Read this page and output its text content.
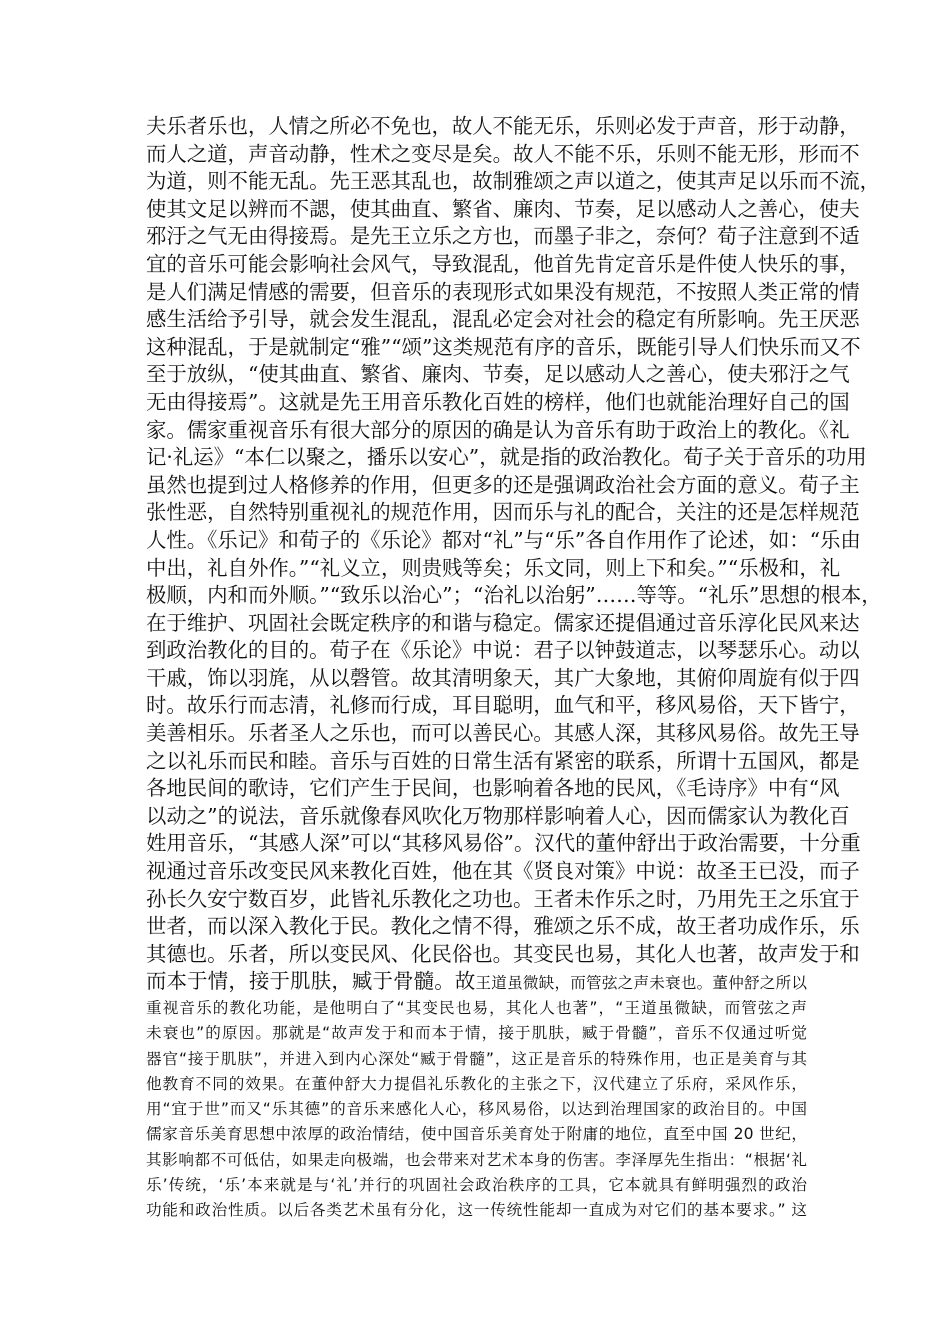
夫乐者乐也，人情之所必不免也，故人不能无乐，乐则必发于声音，形于动静，
而人之道，声音动静，性术之变尽是矣。故人不能不乐，乐则不能无形，形而不
为道，则不能无乱。先王恶其乱也，故制雅颂之声以道之，使其声足以乐而不流，
使其文足以辨而不諰，使其曲直、繁省、廉肉、节奏，足以感动人之善心，使夫
邪汙之气无由得接焉。是先王立乐之方也，而墨子非之，奈何？荀子注意到不适
宜的音乐可能会影响社会风气，导致混乱，他首先肯定音乐是件使人快乐的事，
是人们满足情感的需要，但音乐的表现形式如果没有规范，不按照人类正常的情
感生活给予引导，就会发生混乱，混乱必定会对社会的稳定有所影响。先王厌恶
这种混乱，于是就制定“雅”“颂”这类规范有序的音乐，既能引导人们快乐而又不
至于放纵，“使其曲直、繁省、廉肉、节奏，足以感动人之善心，使夫邪汙之气
无由得接焉”。这就是先王用音乐教化百姓的榜样，他们也就能治理好自己的国
家。儒家重视音乐有很大部分的原因的确是认为音乐有助于政治上的教化。《礼
记·礼运》“本仁以聚之，播乐以安心”，就是指的政治教化。荀子关于音乐的功用
虽然也提到过人格修养的作用，但更多的还是强调政治社会方面的意义。荀子主
张性恶，自然特别重视礼的规范作用，因而乐与礼的配合，关注的还是怎样规范
人性。《乐记》和荀子的《乐论》都对“礼”与“乐”各自作用作了论述，如：“乐由
中出，礼自外作。”“礼义立，则贵贱等矣；乐文同，则上下和矣。”“乐极和，礼
极顺，内和而外顺。”“致乐以治心”；“治礼以治躬”……等等。“礼乐”思想的根本，
在于维护、巩固社会既定秩序的和谐与稳定。儒家还提倡通过音乐淳化民风来达
到政治教化的目的。荀子在《乐论》中说：君子以钟鼓道志，以琴瑟乐心。动以
干戚，饰以羽旄，从以磬管。故其清明象天，其广大象地，其俯仰周旋有似于四
时。故乐行而志清，礼修而行成，耳目聪明，血气和平，移风易俗，天下皆宁，
美善相乐。乐者圣人之乐也，而可以善民心。其感人深，其移风易俗。故先王导
之以礼乐而民和睦。音乐与百姓的日常生活有紧密的联系，所谓十五国风，都是
各地民间的歌诗，它们产生于民间，也影响着各地的民风，《毛诗序》中有“风
以动之”的说法，音乐就像春风吹化万物那样影响着人心，因而儒家认为教化百
姓用音乐，“其感人深”可以“其移风易俗”。汉代的董仲舒出于政治需要，十分重
视通过音乐改变民风来教化百姓，他在其《贤良对策》中说：故圣王已没，而子
孙长久安宁数百岁，此皆礼乐教化之功也。王者未作乐之时，乃用先王之乐宜于
世者，而以深入教化于民。教化之情不得，雅颂之乐不成，故王者功成作乐，乐
其德也。乐者，所以变民风、化民俗也。其变民也易，其化人也著，故声发于和
而本于情，接于肌肤，臧于骨髓。故王道虽微缺，而管弦之声未衰也。董仲舒之所以
重视音乐的教化功能，是他明白了“其变民也易，其化人也著”，“王道虽微缺，而管弦之声
未衰也”的原因。那就是“故声发于和而本于情，接于肌肤，臧于骨髓”，音乐不仅通过听觉
器官“接于肌肤”，并进入到内心深处“臧于骨髓”，这正是音乐的特殊作用，也正是美育与其
他教育不同的效果。在董仲舒大力提倡礼乐教化的主张之下，汉代建立了乐府，采风作乐，
用“宜于世”而又“乐其德”的音乐来感化人心，移风易俗，以达到治理国家的政治目的。中国
儒家音乐美育思想中浓厚的政治情结，使中国音乐美育处于附庸的地位，直至中国 20 世纪，
其影响都不可低估，如果走向极端，也会带来对艺术本身的伤害。李泽厚先生指出：“根据‘礼
乐’传统，‘乐’本来就是与‘礼’并行的巩固社会政治秩序的工具，它本就具有鲜明强烈的政治
功能和政治性质。以后各类艺术虽有分化，这一传统性能却一直成为对它们的基本要求。” 这
